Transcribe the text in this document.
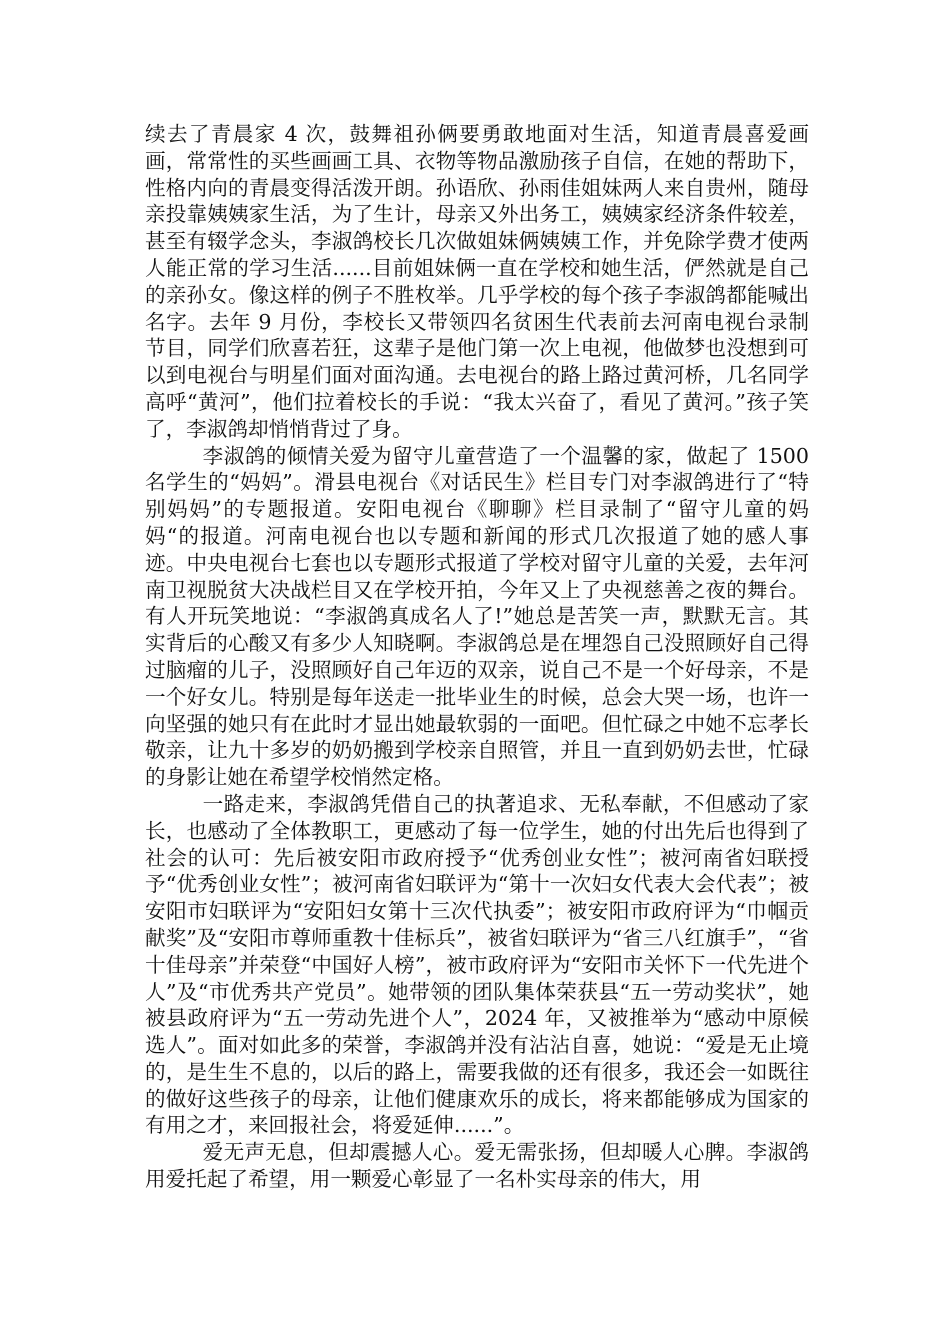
续去了青晨家 4 次，鼓舞祖孙俩要勇敢地面对生活，知道青晨喜爱画画，常常性的买些画画工具、衣物等物品激励孩子自信，在她的帮助下，性格内向的青晨变得活泼开朗。孙语欣、孙雨佳姐妹两人来自贵州，随母亲投靠姨姨家生活，为了生计，母亲又外出务工，姨姨家经济条件较差，甚至有辍学念头，李淑鸽校长几次做姐妹俩姨姨工作，并免除学费才使两人能正常的学习生活......目前姐妹俩一直在学校和她生活，俨然就是自己的亲孙女。像这样的例子不胜枚举。几乎学校的每个孩子李淑鸽都能喊出名字。去年 9 月份，李校长又带领四名贫困生代表前去河南电视台录制节目，同学们欣喜若狂，这辈子是他门第一次上电视，他做梦也没想到可以到电视台与明星们面对面沟通。去电视台的路上路过黄河桥，几名同学高呼“黄河”，他们拉着校长的手说：“我太兴奋了，看见了黄河。”孩子笑了，李淑鸽却悄悄背过了身。

李淑鸽的倾情关爱为留守儿童营造了一个温馨的家，做起了 1500 名学生的“妈妈”。滑县电视台《对话民生》栏目专门对李淑鸽进行了“特别妈妈”的专题报道。安阳电视台《聊聊》栏目录制了“留守儿童的妈妈“的报道。河南电视台也以专题和新闻的形式几次报道了她的感人事迹。中央电视台七套也以专题形式报道了学校对留守儿童的关爱，去年河南卫视脱贫大决战栏目又在学校开拍，今年又上了央视慈善之夜的舞台。有人开玩笑地说：“李淑鸽真成名人了!”她总是苦笑一声，默默无言。其实背后的心酸又有多少人知晓啊。李淑鸽总是在埋怨自己没照顾好自己得过脑瘤的儿子，没照顾好自己年迈的双亲，说自己不是一个好母亲，不是一个好女儿。特别是每年送走一批毕业生的时候，总会大哭一场，也许一向坚强的她只有在此时才显出她最软弱的一面吧。但忙碌之中她不忘孝长敬亲，让九十多岁的奶奶搬到学校亲自照管，并且一直到奶奶去世，忙碌的身影让她在希望学校悄然定格。

一路走来，李淑鸽凭借自己的执著追求、无私奉献，不但感动了家长，也感动了全体教职工，更感动了每一位学生，她的付出先后也得到了社会的认可：先后被安阳市政府授予“优秀创业女性”；被河南省妇联授予“优秀创业女性”；被河南省妇联评为“第十一次妇女代表大会代表”；被安阳市妇联评为“安阳妇女第十三次代执委”；被安阳市政府评为“巾帼贡献奖”及“安阳市尊师重教十佳标兵”，被省妇联评为“省三八红旗手”，“省十佳母亲”并荣登“中国好人榜”，被市政府评为“安阳市关怀下一代先进个人”及“市优秀共产党员”。她带领的团队集体荣获县“五一劳动奖状”，她被县政府评为“五一劳动先进个人”，2024 年，又被推举为“感动中原候选人”。面对如此多的荣誉，李淑鸽并没有沾沾自喜，她说：“爱是无止境的，是生生不息的，以后的路上，需要我做的还有很多，我还会一如既往的做好这些孩子的母亲，让他们健康欢乐的成长，将来都能够成为国家的有用之才，来回报社会，将爱延伸......”。

爱无声无息，但却震撼人心。爱无需张扬，但却暖人心脾。李淑鸽用爱托起了希望，用一颗爱心彰显了一名朴实母亲的伟大，用
